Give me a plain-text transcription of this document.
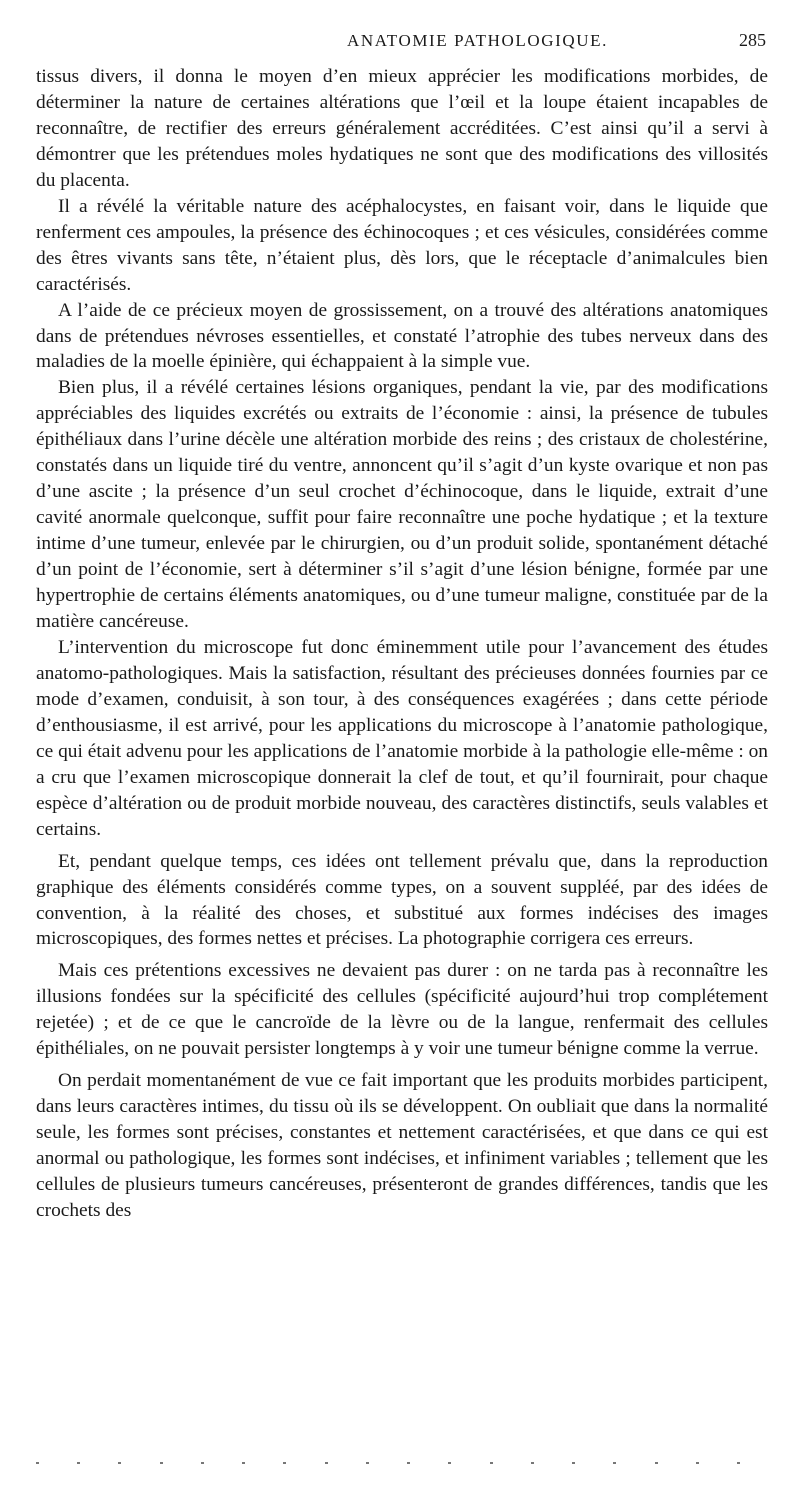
ANATOMIE PATHOLOGIQUE.	285

tissus divers, il donna le moyen d’en mieux apprécier les modifications morbides, de déterminer la nature de certaines altérations que l’œil et la loupe étaient incapables de reconnaître, de rectifier des erreurs généralement accréditées. C’est ainsi qu’il a servi à démontrer que les prétendues moles hydatiques ne sont que des modifications des villosités du placenta.

Il a révélé la véritable nature des acéphalocystes, en faisant voir, dans le liquide que renferment ces ampoules, la présence des échinocoques ; et ces vésicules, considérées comme des êtres vivants sans tête, n’étaient plus, dès lors, que le réceptacle d’animalcules bien caractérisés.

A l’aide de ce précieux moyen de grossissement, on a trouvé des altérations anatomiques dans de prétendues névroses essentielles, et constaté l’atrophie des tubes nerveux dans des maladies de la moelle épinière, qui échappaient à la simple vue.

Bien plus, il a révélé certaines lésions organiques, pendant la vie, par des modifications appréciables des liquides excrétés ou extraits de l’économie : ainsi, la présence de tubules épithéliaux dans l’urine décèle une altération morbide des reins ; des cristaux de cholestérine, constatés dans un liquide tiré du ventre, annoncent qu’il s’agit d’un kyste ovarique et non pas d’une ascite ; la présence d’un seul crochet d’échinocoque, dans le liquide, extrait d’une cavité anormale quelconque, suffit pour faire reconnaître une poche hydatique ; et la texture intime d’une tumeur, enlevée par le chirurgien, ou d’un produit solide, spontanément détaché d’un point de l’économie, sert à déterminer s’il s’agit d’une lésion bénigne, formée par une hypertrophie de certains éléments anatomiques, ou d’une tumeur maligne, constituée par de la matière cancéreuse.

L’intervention du microscope fut donc éminemment utile pour l’avancement des études anatomo-pathologiques. Mais la satisfaction, résultant des précieuses données fournies par ce mode d’examen, conduisit, à son tour, à des conséquences exagérées ; dans cette période d’enthousiasme, il est arrivé, pour les applications du microscope à l’anatomie pathologique, ce qui était advenu pour les applications de l’anatomie morbide à la pathologie elle-même : on a cru que l’examen microscopique donnerait la clef de tout, et qu’il fournirait, pour chaque espèce d’altération ou de produit morbide nouveau, des caractères distinctifs, seuls valables et certains.

Et, pendant quelque temps, ces idées ont tellement prévalu que, dans la reproduction graphique des éléments considérés comme types, on a souvent suppléé, par des idées de convention, à la réalité des choses, et substitué aux formes indécises des images microscopiques, des formes nettes et précises. La photographie corrigera ces erreurs.

Mais ces prétentions excessives ne devaient pas durer : on ne tarda pas à reconnaître les illusions fondées sur la spécificité des cellules (spécificité aujourd’hui trop complétement rejetée) ; et de ce que le cancroïde de la lèvre ou de la langue, renfermait des cellules épithéliales, on ne pouvait persister longtemps à y voir une tumeur bénigne comme la verrue.

On perdait momentanément de vue ce fait important que les produits morbides participent, dans leurs caractères intimes, du tissu où ils se développent. On oubliait que dans la normalité seule, les formes sont précises, constantes et nettement caractérisées, et que dans ce qui est anormal ou pathologique, les formes sont indécises, et infiniment variables ; tellement que les cellules de plusieurs tumeurs cancéreuses, présenteront de grandes différences, tandis que les crochets des
